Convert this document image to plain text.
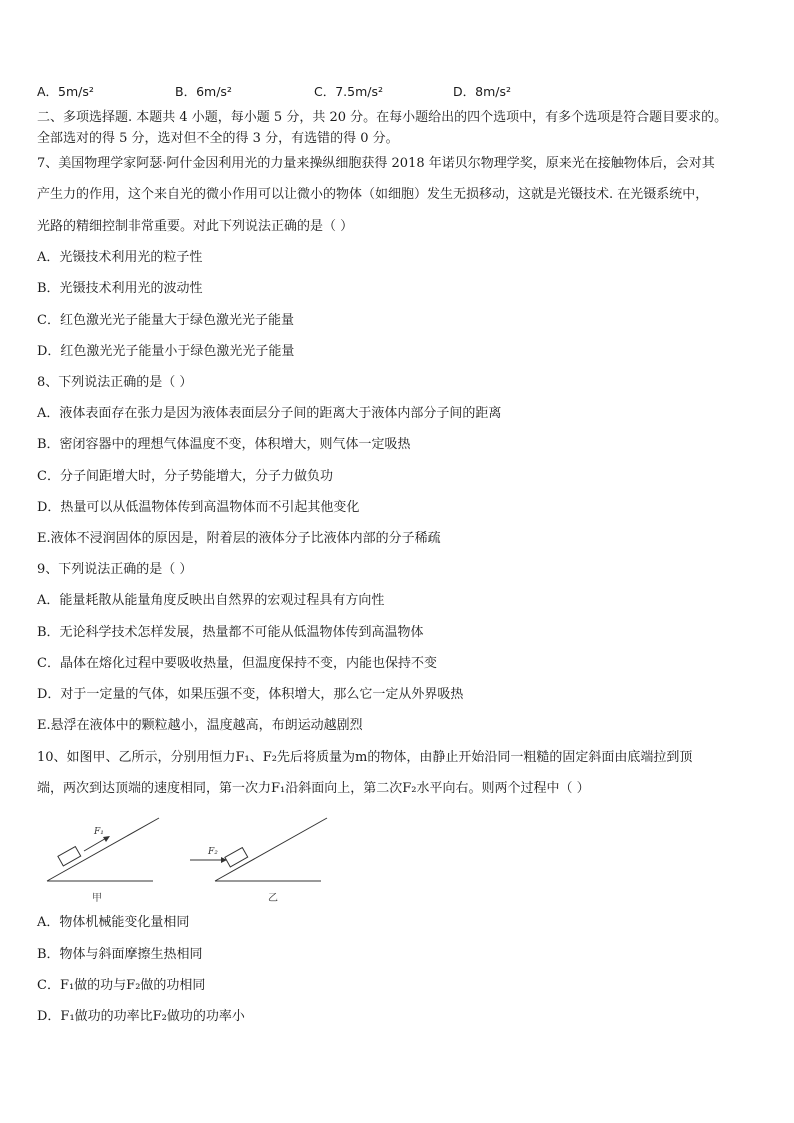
A．5m/s²	B．6m/s²	C．7.5m/s²	D．8m/s²
二、多项选择题. 本题共 4 小题，每小题 5 分，共 20 分。在每小题给出的四个选项中，有多个选项是符合题目要求的。
全部选对的得 5 分，选对但不全的得 3 分，有选错的得 0 分。
7、美国物理学家阿瑟·阿什金因利用光的力量来操纵细胞获得 2018 年诺贝尔物理学奖，原来光在接触物体后，会对其
产生力的作用，这个来自光的微小作用可以让微小的物体（如细胞）发生无损移动，这就是光镊技术. 在光镊系统中，
光路的精细控制非常重要。对此下列说法正确的是（ ）
A．光镊技术利用光的粒子性
B．光镊技术利用光的波动性
C．红色激光光子能量大于绿色激光光子能量
D．红色激光光子能量小于绿色激光光子能量
8、下列说法正确的是（ ）
A．液体表面存在张力是因为液体表面层分子间的距离大于液体内部分子间的距离
B．密闭容器中的理想气体温度不变，体积增大，则气体一定吸热
C．分子间距增大时，分子势能增大，分子力做负功
D．热量可以从低温物体传到高温物体而不引起其他变化
E.液体不浸润固体的原因是，附着层的液体分子比液体内部的分子稀疏
9、下列说法正确的是（ ）
A．能量耗散从能量角度反映出自然界的宏观过程具有方向性
B．无论科学技术怎样发展，热量都不可能从低温物体传到高温物体
C．晶体在熔化过程中要吸收热量，但温度保持不变，内能也保持不变
D．对于一定量的气体，如果压强不变，体积增大，那么它一定从外界吸热
E.悬浮在液体中的颗粒越小，温度越高，布朗运动越剧烈
10、如图甲、乙所示，分别用恒力F₁、F₂先后将质量为m的物体，由静止开始沿同一粗糙的固定斜面由底端拉到顶
端，两次到达顶端的速度相同，第一次力F₁沿斜面向上，第二次F₂水平向右。则两个过程中（ ）
F₁
甲
F₂
乙
A．物体机械能变化量相同
B．物体与斜面摩擦生热相同
C．F₁做的功与F₂做的功相同
D．F₁做功的功率比F₂做功的功率小
